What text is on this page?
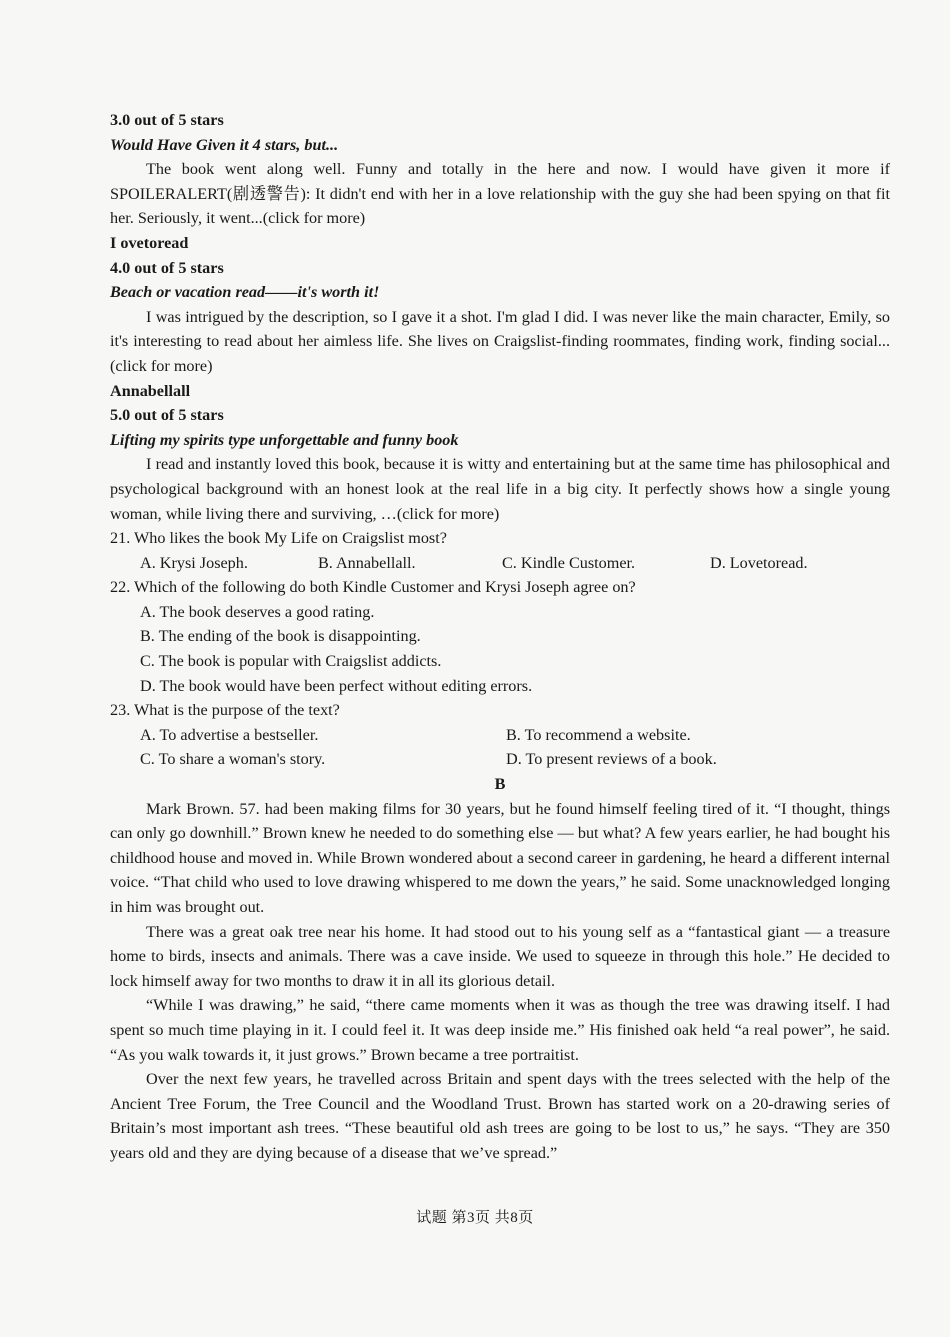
3.0 out of 5 stars

Would Have Given it 4 stars, but...

The book went along well. Funny and totally in the here and now. I would have given it more if SPOILERALERT(剧透警告): It didn't end with her in a love relationship with the guy she had been spying on that fit her. Seriously, it went...(click for more)

I ovetoread

4.0 out of 5 stars

Beach or vacation read——it's worth it!

I was intrigued by the description, so I gave it a shot. I'm glad I did. I was never like the main character, Emily, so it's interesting to read about her aimless life. She lives on Craigslist-finding roommates, finding work, finding social...(click for more)

Annabellall

5.0 out of 5 stars

Lifting my spirits type unforgettable and funny book

I read and instantly loved this book, because it is witty and entertaining but at the same time has philosophical and psychological background with an honest look at the real life in a big city. It perfectly shows how a single young woman, while living there and surviving, …(click for more)

21. Who likes the book My Life on Craigslist most?

A. Krysi Joseph.	B. Annabellall.	C. Kindle Customer.	D. Lovetoread.

22. Which of the following do both Kindle Customer and Krysi Joseph agree on?

A. The book deserves a good rating.

B. The ending of the book is disappointing.

C. The book is popular with Craigslist addicts.

D. The book would have been perfect without editing errors.

23. What is the purpose of the text?

A. To advertise a bestseller.	B. To recommend a website.
C. To share a woman's story.	D. To present reviews of a book.

B

Mark Brown. 57. had been making films for 30 years, but he found himself feeling tired of it. “I thought, things can only go downhill.” Brown knew he needed to do something else — but what? A few years earlier, he had bought his childhood house and moved in. While Brown wondered about a second career in gardening, he heard a different internal voice. “That child who used to love drawing whispered to me down the years,” he said. Some unacknowledged longing in him was brought out.

There was a great oak tree near his home. It had stood out to his young self as a “fantastical giant — a treasure home to birds, insects and animals. There was a cave inside. We used to squeeze in through this hole.” He decided to lock himself away for two months to draw it in all its glorious detail.

“While I was drawing,” he said, “there came moments when it was as though the tree was drawing itself. I had spent so much time playing in it. I could feel it. It was deep inside me.” His finished oak held “a real power”, he said. “As you walk towards it, it just grows.” Brown became a tree portraitist.

Over the next few years, he travelled across Britain and spent days with the trees selected with the help of the Ancient Tree Forum, the Tree Council and the Woodland Trust. Brown has started work on a 20-drawing series of Britain’s most important ash trees. “These beautiful old ash trees are going to be lost to us,” he says. “They are 350 years old and they are dying because of a disease that we’ve spread.”

试题 第3页 共8页
